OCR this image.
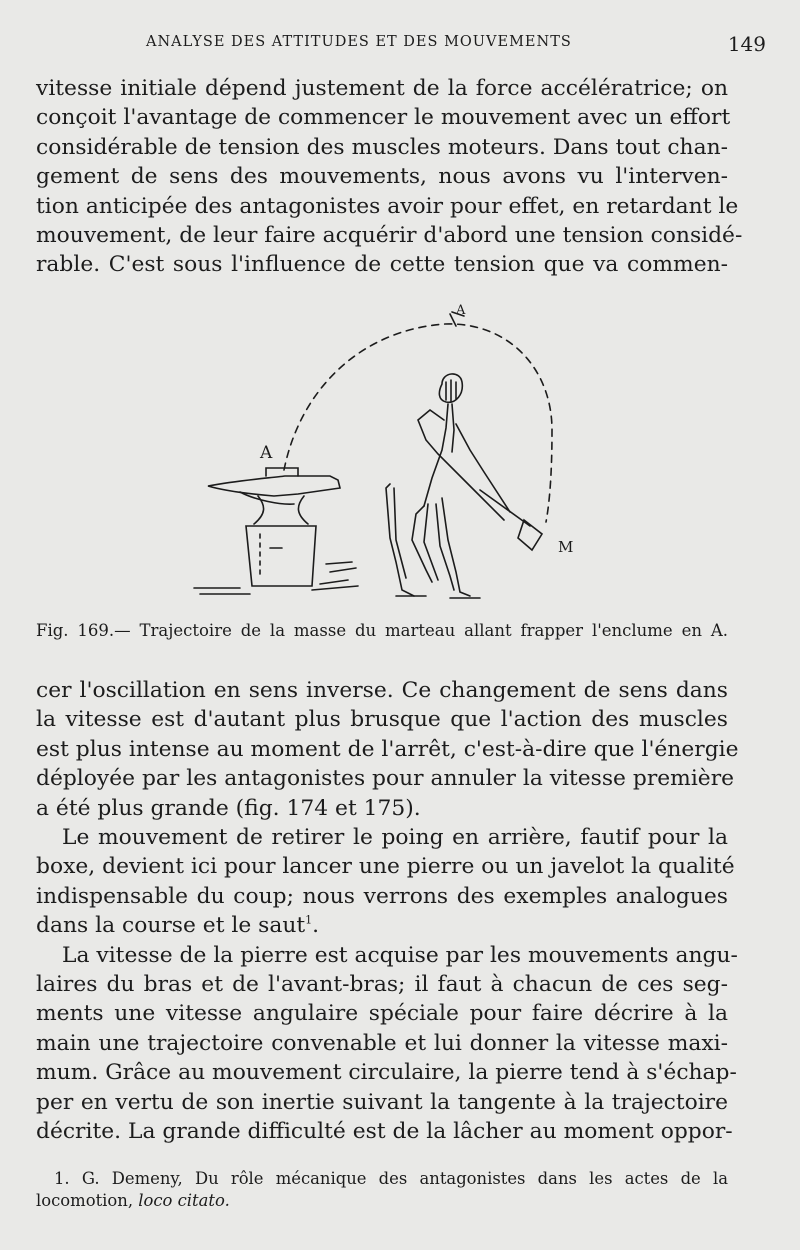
ANALYSE DES ATTITUDES ET DES MOUVEMENTS	149
vitesse initiale dépend justement de la force accélératrice; on
conçoit l'avantage de commencer le mouvement avec un effort
considérable de tension des muscles moteurs. Dans tout chan-
gement de sens des mouvements, nous avons vu l'interven-
tion anticipée des antagonistes avoir pour effet, en retardant le
mouvement, de leur faire acquérir d'abord une tension considé-
rable. C'est sous l'influence de cette tension que va commen-
A
A
M
Fig. 169.— Trajectoire de la masse du marteau allant frapper l'enclume en A.
cer l'oscillation en sens inverse. Ce changement de sens dans
la vitesse est d'autant plus brusque que l'action des muscles
est plus intense au moment de l'arrêt, c'est-à-dire que l'énergie
déployée par les antagonistes pour annuler la vitesse première
a été plus grande (fig. 174 et 175).
Le mouvement de retirer le poing en arrière, fautif pour la
boxe, devient ici pour lancer une pierre ou un javelot la qualité
indispensable du coup; nous verrons des exemples analogues
dans la course et le saut$^1$.
La vitesse de la pierre est acquise par les mouvements angu-
laires du bras et de l'avant-bras; il faut à chacun de ces seg-
ments une vitesse angulaire spéciale pour faire décrire à la
main une trajectoire convenable et lui donner la vitesse maxi-
mum. Grâce au mouvement circulaire, la pierre tend à s'échap-
per en vertu de son inertie suivant la tangente à la trajectoire
décrite. La grande difficulté est de la lâcher au moment oppor-
1. G. Demeny, Du rôle mécanique des antagonistes dans les actes de la
locomotion, loco citato.
